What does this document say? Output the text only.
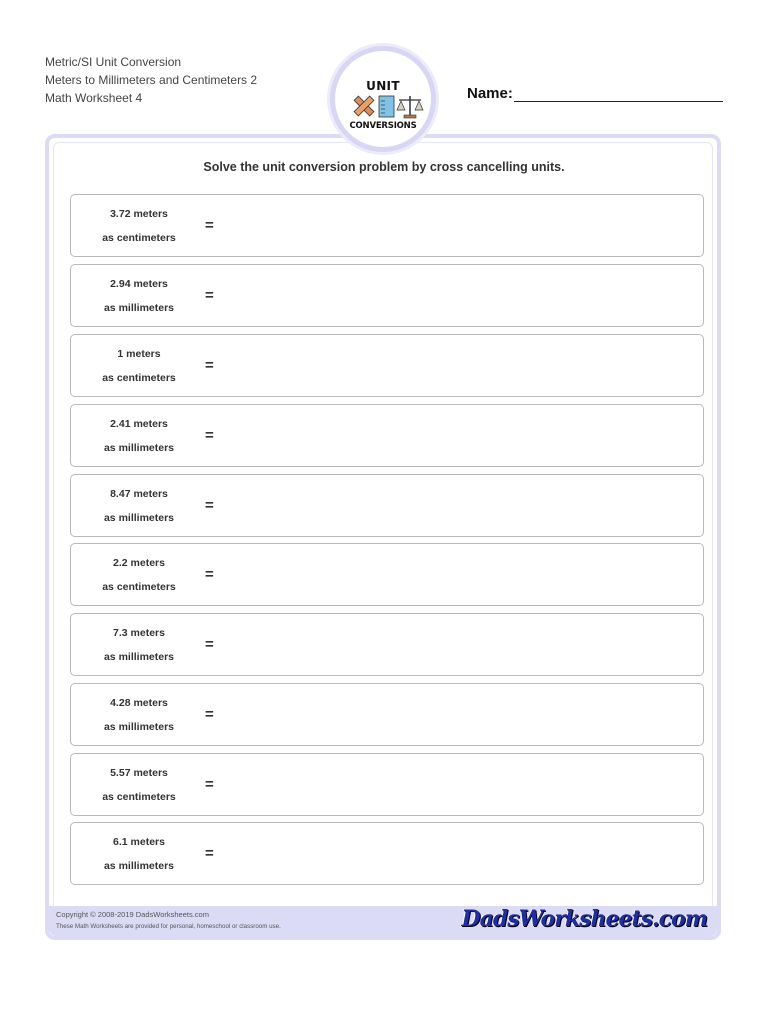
Metric/SI Unit Conversion
Meters to Millimeters and Centimeters 2
Math Worksheet 4
UNIT
CONVERSIONS
Name:
Solve the unit conversion problem by cross cancelling units.
3.72 meters
as centimeters
=
2.94 meters
as millimeters
=
1 meters
as centimeters
=
2.41 meters
as millimeters
=
8.47 meters
as millimeters
=
2.2 meters
as centimeters
=
7.3 meters
as millimeters
=
4.28 meters
as millimeters
=
5.57 meters
as centimeters
=
6.1 meters
as millimeters
=
Copyright © 2008-2019 DadsWorksheets.com
These Math Worksheets are provided for personal, homeschool or classroom use.	DadsWorksheets.com
